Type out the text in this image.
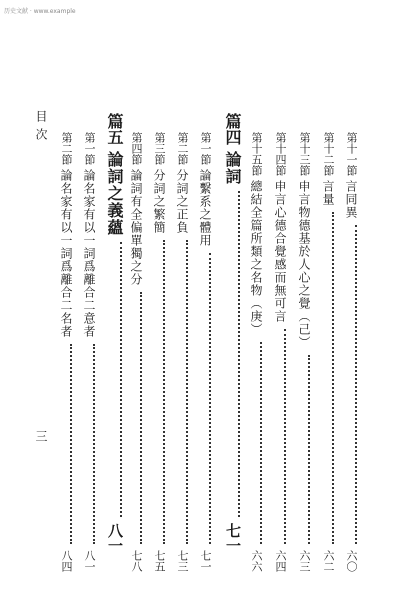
历史文献 · www.example
目次
三
第十一節
言同異
六〇
第十二節
言量
六二
第十三節
申言物德基於人心之覺（己）
六三
第十四節
申言心德合覺感而無可言
六四
第十五節
總結全篇所類之名物（庚）
六六
篇四
論詞
七一
第一節
論繫系之體用
七一
第二節
分詞之正負
七三
第三節
分詞之繁簡
七五
第四節
論詞有全偏單獨之分
七八
篇五
論詞之義蘊
八一
第一節
論名家有以一詞爲離合二意者
八一
第二節
論名家有以一詞爲離合二名者
八四
